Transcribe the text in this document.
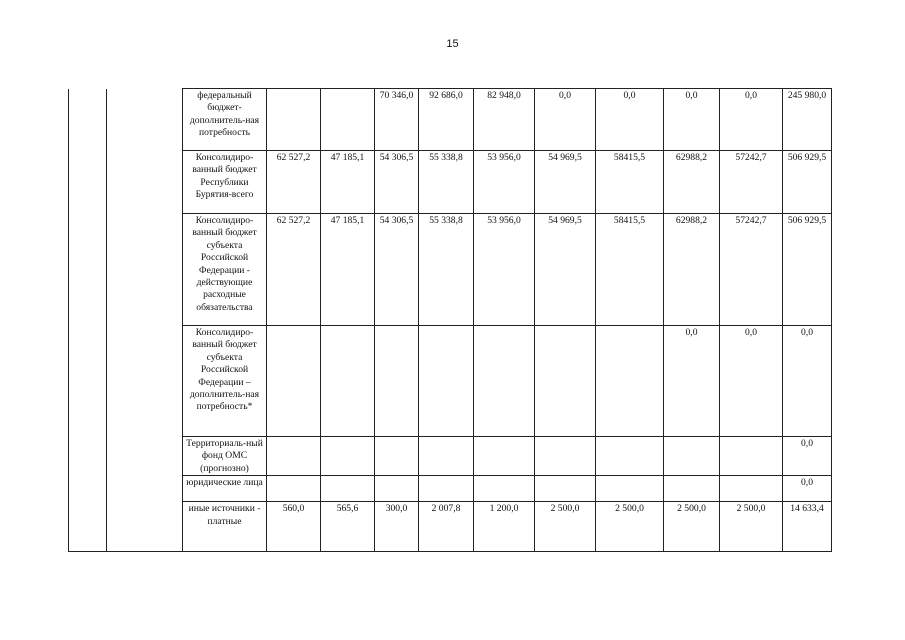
15
		федеральный бюджет-дополнитель-ная потребность			70 346,0	92 686,0	82 948,0	0,0	0,0	0,0	0,0	245 980,0
		Консолидиро-ванный бюджет Республики Бурятия-всего	62 527,2	47 185,1	54 306,5	55 338,8	53 956,0	54 969,5	58415,5	62988,2	57242,7	506 929,5
		Консолидиро-ванный бюджет субъекта Российской Федерации - действующие расходные обязательства	62 527,2	47 185,1	54 306,5	55 338,8	53 956,0	54 969,5	58415,5	62988,2	57242,7	506 929,5
		Консолидиро-ванный бюджет субъекта Российской Федерации – дополнитель-ная потребность*								0,0	0,0	0,0
		Территориаль-ный фонд ОМС (прогнозно)										0,0
		юридические лица										0,0
		иные источники - платные	560,0	565,6	300,0	2 007,8	1 200,0	2 500,0	2 500,0	2 500,0	2 500,0	14 633,4
